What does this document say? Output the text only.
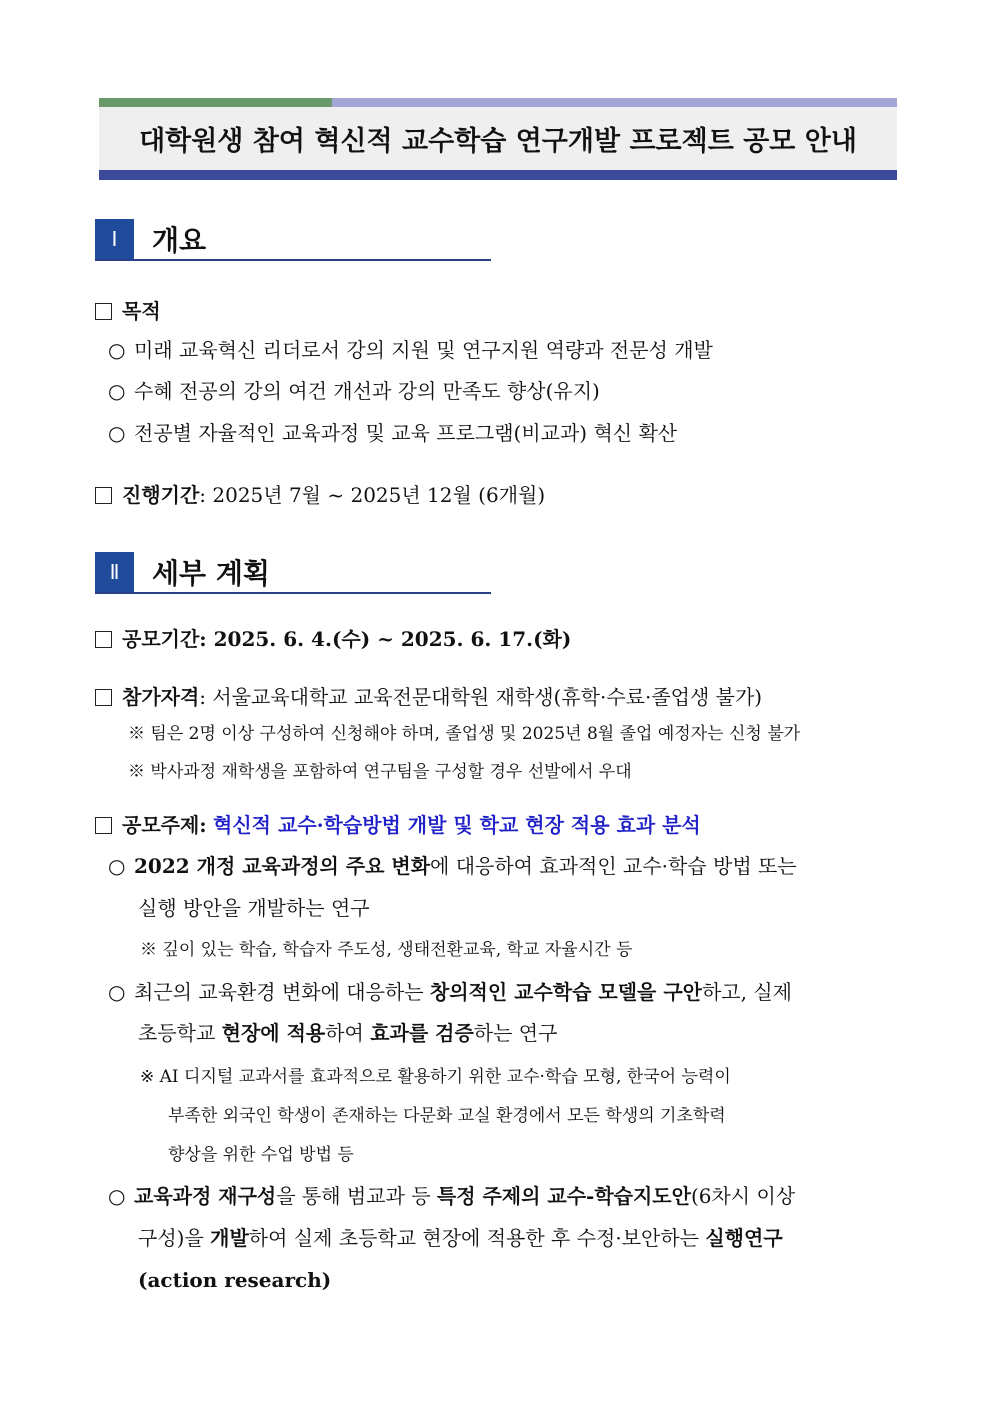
대학원생 참여 혁신적 교수학습 연구개발 프로젝트 공모 안내
Ⅰ	개요
목적
○ 미래 교육혁신 리더로서 강의 지원 및 연구지원 역량과 전문성 개발
○ 수혜 전공의 강의 여건 개선과 강의 만족도 향상(유지)
○ 전공별 자율적인 교육과정 및 교육 프로그램(비교과) 혁신 확산
진행기간: 2025년 7월 ~ 2025년 12월 (6개월)
Ⅱ	세부 계획
공모기간: 2025. 6. 4.(수) ~ 2025. 6. 17.(화)
참가자격: 서울교육대학교 교육전문대학원 재학생(휴학·수료·졸업생 불가)
※ 팀은 2명 이상 구성하여 신청해야 하며, 졸업생 및 2025년 8월 졸업 예정자는 신청 불가
※ 박사과정 재학생을 포함하여 연구팀을 구성할 경우 선발에서 우대
공모주제: 혁신적 교수·학습방법 개발 및 학교 현장 적용 효과 분석
○ 2022 개정 교육과정의 주요 변화에 대응하여 효과적인 교수·학습 방법 또는
실행 방안을 개발하는 연구
※ 깊이 있는 학습, 학습자 주도성, 생태전환교육, 학교 자율시간 등
○ 최근의 교육환경 변화에 대응하는 창의적인 교수학습 모델을 구안하고, 실제
초등학교 현장에 적용하여 효과를 검증하는 연구
※ AI 디지털 교과서를 효과적으로 활용하기 위한 교수·학습 모형, 한국어 능력이
부족한 외국인 학생이 존재하는 다문화 교실 환경에서 모든 학생의 기초학력
향상을 위한 수업 방법 등
○ 교육과정 재구성을 통해 범교과 등 특정 주제의 교수-학습지도안(6차시 이상
구성)을 개발하여 실제 초등학교 현장에 적용한 후 수정·보안하는 실행연구
(action research)
